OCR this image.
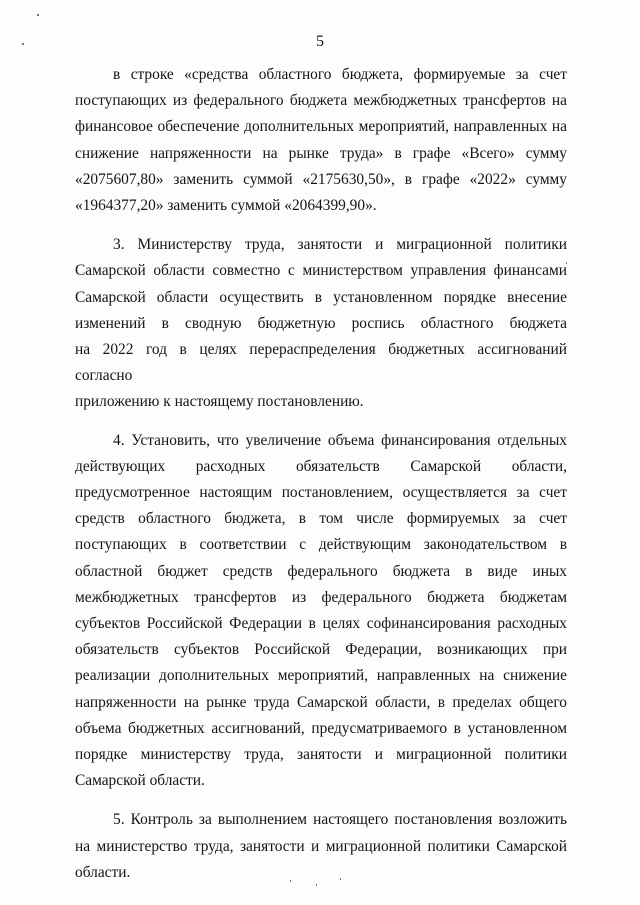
5

в строке «средства областного бюджета, формируемые за счет
поступающих из федерального бюджета межбюджетных трансфертов на
финансовое обеспечение дополнительных мероприятий, направленных на
снижение напряженности на рынке труда» в графе «Всего» сумму
«2075607,80» заменить суммой «2175630,50», в графе «2022» сумму
«1964377,20» заменить суммой «2064399,90».

3. Министерству труда, занятости и миграционной политики
Самарской области совместно с министерством управления финансами
Самарской области осуществить в установленном порядке внесение
изменений в сводную бюджетную роспись областного бюджета
на 2022 год в целях перераспределения бюджетных ассигнований согласно
приложению к настоящему постановлению.

4. Установить, что увеличение объема финансирования отдельных
действующих расходных обязательств Самарской области,
предусмотренное настоящим постановлением, осуществляется за счет
средств областного бюджета, в том числе формируемых за счет
поступающих в соответствии с действующим законодательством в
областной бюджет средств федерального бюджета в виде иных
межбюджетных трансфертов из федерального бюджета бюджетам
субъектов Российской Федерации в целях софинансирования расходных
обязательств субъектов Российской Федерации, возникающих при
реализации дополнительных мероприятий, направленных на снижение
напряженности на рынке труда Самарской области, в пределах общего
объема бюджетных ассигнований, предусматриваемого в установленном
порядке министерству труда, занятости и миграционной политики
Самарской области.

5. Контроль за выполнением настоящего постановления возложить
на министерство труда, занятости и миграционной политики Самарской
области.
